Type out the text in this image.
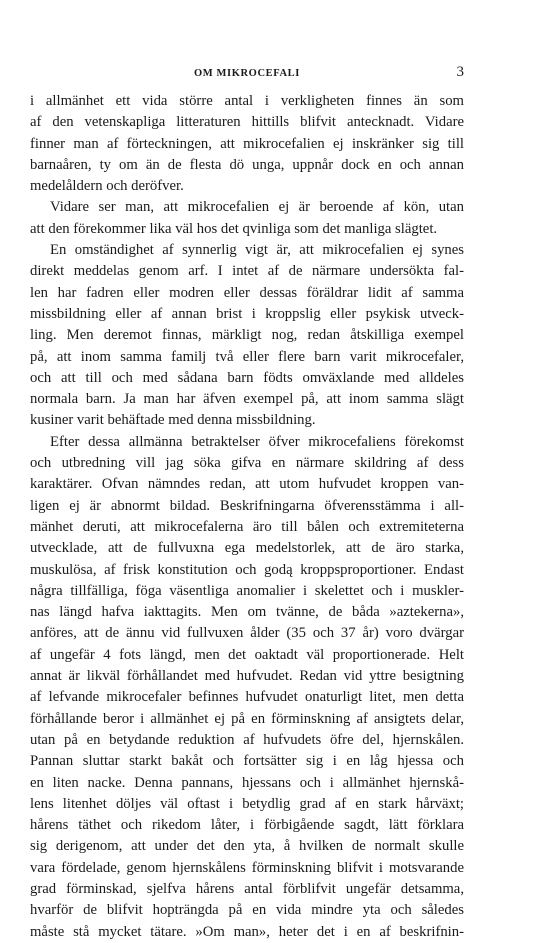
OM MIKROCEFALI	3
i allmänhet ett vida större antal i verkligheten finnes än som
af den vetenskapliga litteraturen hittills blifvit antecknadt. Vidare
finner man af förteckningen, att mikrocefalien ej inskränker sig till
barnaåren, ty om än de flesta dö unga, uppnår dock en och annan
medelåldern och deröfver.
Vidare ser man, att mikrocefalien ej är beroende af kön, utan
att den förekommer lika väl hos det qvinliga som det manliga slägtet.
En omständighet af synnerlig vigt är, att mikrocefalien ej synes
direkt meddelas genom arf. I intet af de närmare undersökta fal-
len har fadren eller modren eller dessas föräldrar lidit af samma
missbildning eller af annan brist i kroppslig eller psykisk utveck-
ling. Men deremot finnas, märkligt nog, redan åtskilliga exempel
på, att inom samma familj två eller flere barn varit mikrocefaler,
och att till och med sådana barn födts omväxlande med alldeles
normala barn. Ja man har äfven exempel på, att inom samma slägt
kusiner varit behäftade med denna missbildning.
Efter dessa allmänna betraktelser öfver mikrocefaliens förekomst
och utbredning vill jag söka gifva en närmare skildring af dess
karaktärer. Ofvan nämndes redan, att utom hufvudet kroppen van-
ligen ej är abnormt bildad. Beskrifningarna öfverensstämma i all-
mänhet deruti, att mikrocefalerna äro till bålen och extremiteterna
utvecklade, att de fullvuxna ega medelstorlek, att de äro starka,
muskulösa, af frisk konstitution och godą kroppsproportioner. Endast
några tillfälliga, föga väsentliga anomalier i skelettet och i muskler-
nas längd hafva iakttagits. Men om tvänne, de båda »aztekerna»,
anföres, att de ännu vid fullvuxen ålder (35 och 37 år) voro dvärgar
af ungefär 4 fots längd, men det oaktadt väl proportionerade. Helt
annat är likväl förhållandet med hufvudet. Redan vid yttre besigtning
af lefvande mikrocefaler befinnes hufvudet onaturligt litet, men detta
förhållande beror i allmänhet ej på en förminskning af ansigtets delar,
utan på en betydande reduktion af hufvudets öfre del, hjernskålen.
Pannan sluttar starkt bakåt och fortsätter sig i en låg hjessa och
en liten nacke. Denna pannans, hjessans och i allmänhet hjernskå-
lens litenhet döljes väl oftast i betydlig grad af en stark hårväxt;
hårens täthet och rikedom låter, i förbigående sagdt, lätt förklara
sig derigenom, att under det den yta, å hvilken de normalt skulle
vara fördelade, genom hjernskålens förminskning blifvit i motsvarande
grad förminskad, sjelfva hårens antal förblifvit ungefär detsamma,
hvarför de blifvit hopträngda på en vida mindre yta och således
måste stå mycket tätare. »Om man», heter det i en af beskrifnin-
